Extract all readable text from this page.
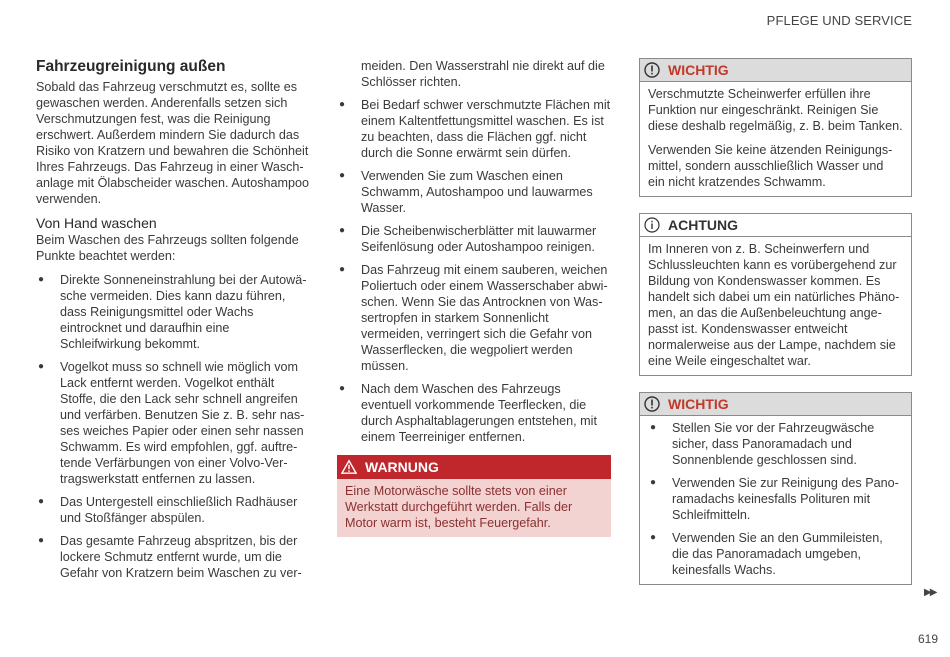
PFLEGE UND SERVICE
Fahrzeugreinigung außen

Sobald das Fahrzeug verschmutzt es, sollte es gewaschen werden. Anderenfalls setzen sich Verschmutzungen fest, was die Reinigung erschwert. Außerdem mindern Sie dadurch das Risiko von Kratzern und bewahren die Schönheit Ihres Fahrzeugs. Das Fahrzeug in einer Waschanlage mit Ölabscheider waschen. Autoshampoo verwenden.

Von Hand waschen

Beim Waschen des Fahrzeugs sollten folgende Punkte beachtet werden:

● Direkte Sonneneinstrahlung bei der Autowäsche vermeiden. Dies kann dazu führen, dass Reinigungsmittel oder Wachs eintrocknet und daraufhin eine Schleifwirkung bekommt.
● Vogelkot muss so schnell wie möglich vom Lack entfernt werden. Vogelkot enthält Stoffe, die den Lack sehr schnell angreifen und verfärben. Benutzen Sie z. B. sehr nasses weiches Papier oder einen sehr nassen Schwamm. Es wird empfohlen, ggf. auftretende Verfärbungen von einer Volvo-Vertragswerkstatt entfernen zu lassen.
● Das Untergestell einschließlich Radhäuser und Stoßfänger abspülen.
● Das gesamte Fahrzeug abspritzen, bis der lockere Schmutz entfernt wurde, um die Gefahr von Kratzern beim Waschen zu ver-
meiden. Den Wasserstrahl nie direkt auf die Schlösser richten.
● Bei Bedarf schwer verschmutzte Flächen mit einem Kaltentfettungsmittel waschen. Es ist zu beachten, dass die Flächen ggf. nicht durch die Sonne erwärmt sein dürfen.
● Verwenden Sie zum Waschen einen Schwamm, Autoshampoo und lauwarmes Wasser.
● Die Scheibenwischerblätter mit lauwarmer Seifenlösung oder Autoshampoo reinigen.
● Das Fahrzeug mit einem sauberen, weichen Poliertuch oder einem Wasserschaber abwischen. Wenn Sie das Antrocknen von Wassertropfen in starkem Sonnenlicht vermeiden, verringert sich die Gefahr von Wasserflecken, die wegpoliert werden müssen.
● Nach dem Waschen des Fahrzeugs eventuell vorkommende Teerflecken, die durch Asphaltablagerungen entstehen, mit einem Teerreiniger entfernen.
WARNUNG
Eine Motorwäsche sollte stets von einer Werkstatt durchgeführt werden. Falls der Motor warm ist, besteht Feuergefahr.
WICHTIG

Verschmutzte Scheinwerfer erfüllen ihre Funktion nur eingeschränkt. Reinigen Sie diese deshalb regelmäßig, z. B. beim Tanken.

Verwenden Sie keine ätzenden Reinigungsmittel, sondern ausschließlich Wasser und ein nicht kratzendes Schwamm.

ACHTUNG
Im Inneren von z. B. Scheinwerfern und Schlussleuchten kann es vorübergehend zur Bildung von Kondenswasser kommen. Es handelt sich dabei um ein natürliches Phänomen, an das die Außenbeleuchtung angepasst ist. Kondenswasser entweicht normalerweise aus der Lampe, nachdem sie eine Weile eingeschaltet war.
WICHTIG
● Stellen Sie vor der Fahrzeugwäsche sicher, dass Panoramadach und Sonnenblende geschlossen sind.
● Verwenden Sie zur Reinigung des Panoramadachs keinesfalls Polituren mit Schleifmitteln.
● Verwenden Sie an den Gummileisten, die das Panoramadach umgeben, keinesfalls Wachs.
▶▶
619
